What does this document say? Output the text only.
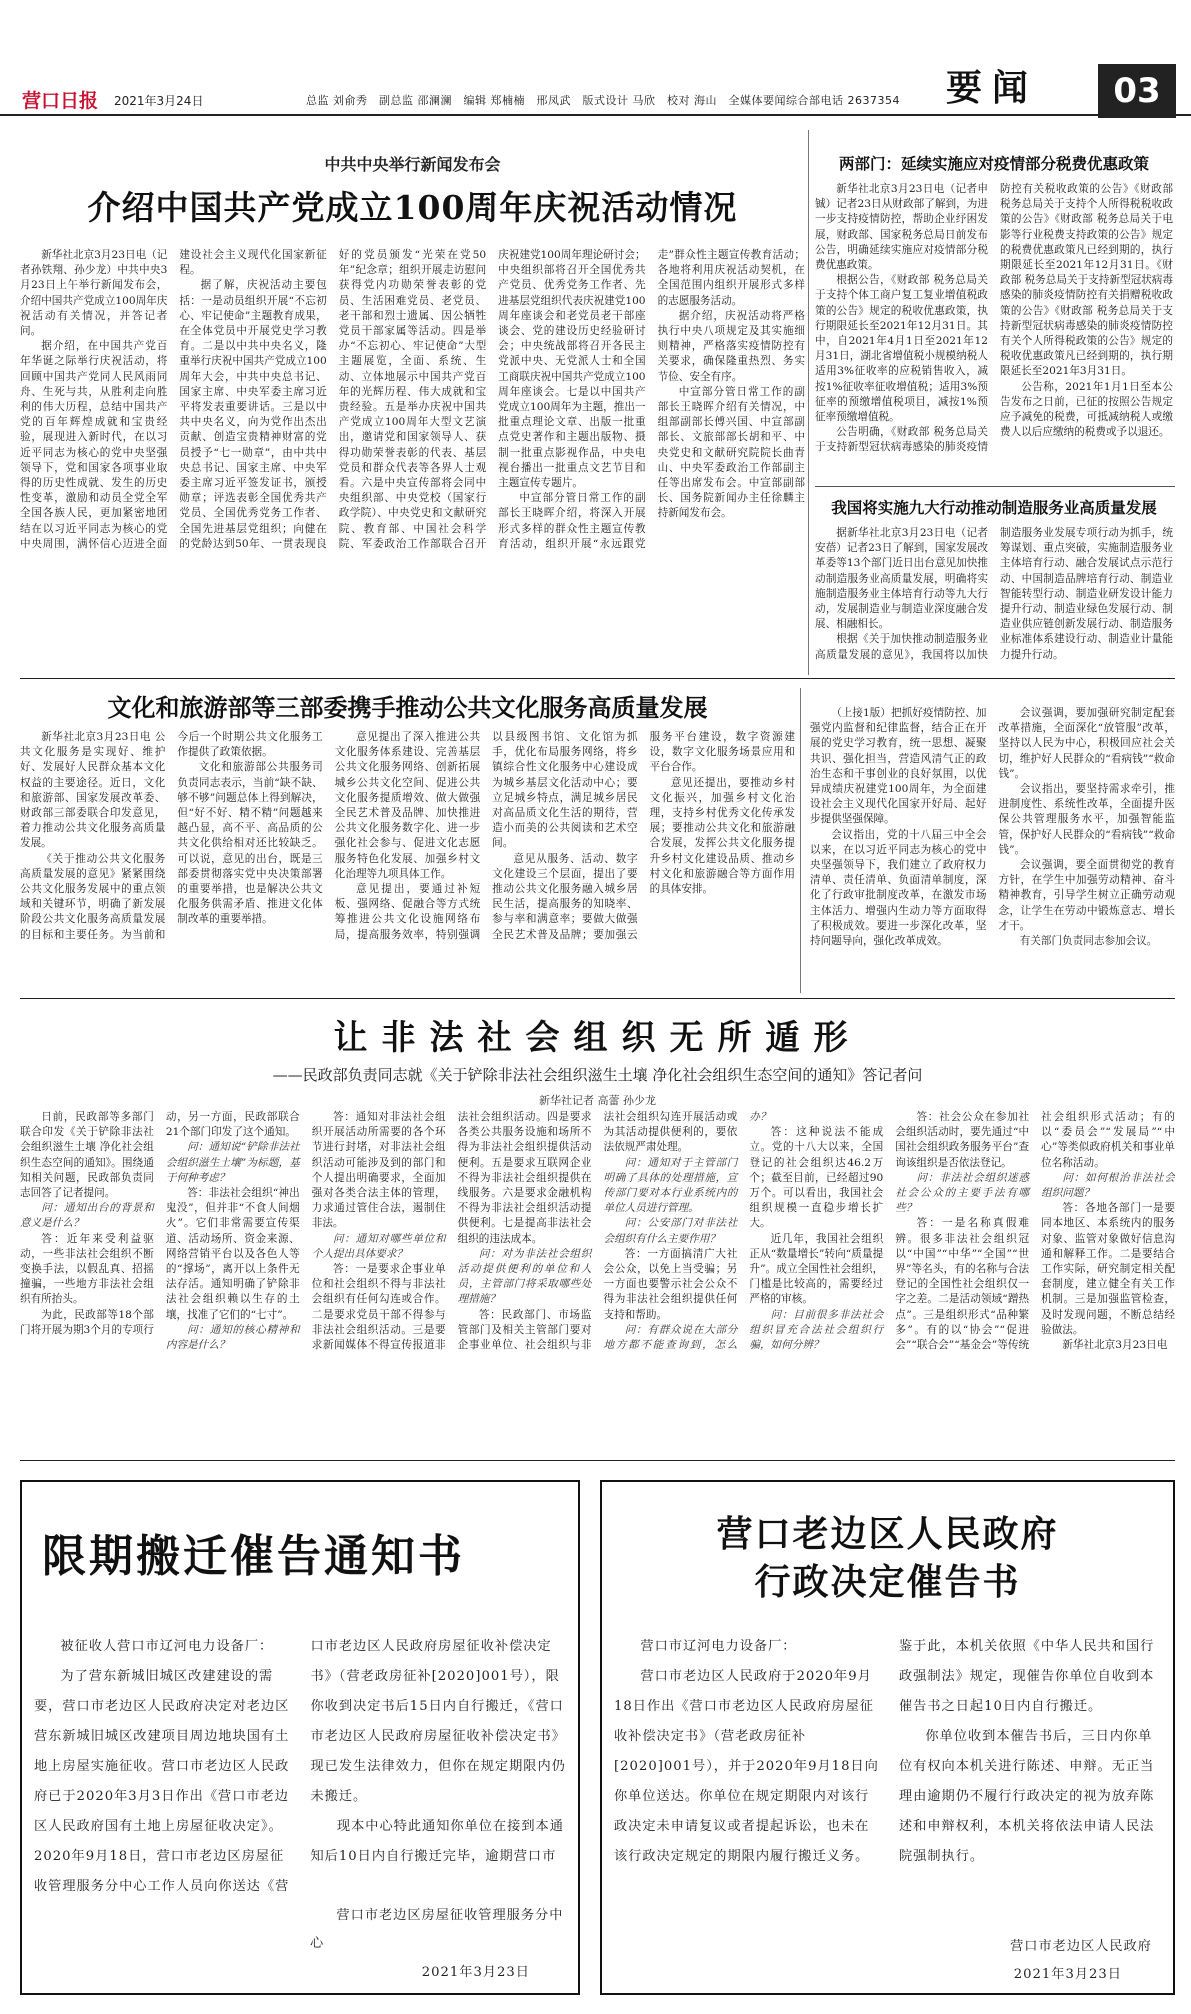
营口日报 2021年3月24日	总监 刘俞秀　副总监 邵澜澜　编辑 郑楠楠　邢凤武　版式设计 马欣　校对 海山　全媒体要闻综合部电话 2637354 要闻	03
中共中央举行新闻发布会
介绍中国共产党成立100周年庆祝活动情况

新华社北京3月23日电（记者孙铁翔、孙少龙）中共中央3月23日上午举行新闻发布会，介绍中国共产党成立100周年庆祝活动有关情况，并答记者问。

据介绍，在中国共产党百年华诞之际举行庆祝活动，将回顾中国共产党同人民风雨同舟、生死与共，从胜利走向胜利的伟大历程，总结中国共产党的百年辉煌成就和宝贵经验，展现进入新时代，在以习近平同志为核心的党中央坚强领导下，党和国家各项事业取得的历史性成就、发生的历史性变革，激励和动员全党全军全国各族人民，更加紧密地团结在以习近平同志为核心的党中央周围，满怀信心迈进全面建设社会主义现代化国家新征程。

据了解，庆祝活动主要包括：一是动员组织开展“不忘初心、牢记使命”主题教育成果，在全体党员中开展党史学习教育。二是以中共中央名义，隆重举行庆祝中国共产党成立100周年大会，中共中央总书记、国家主席、中央军委主席习近平将发表重要讲话。三是以中共中央名义，向为党作出杰出贡献、创造宝贵精神财富的党员授予“七一勋章”，由中共中央总书记、国家主席、中央军委主席习近平签发证书，颁授勋章；评选表彰全国优秀共产党员、全国优秀党务工作者、全国先进基层党组织；向健在的党龄达到50年、一贯表现良好的党员颁发“光荣在党50年”纪念章；组织开展走访慰问获得党内功勋荣誉表彰的党员、生活困难党员、老党员、老干部和烈士遗属、因公牺牲党员干部家属等活动。四是举办“不忘初心、牢记使命”大型主题展览，全面、系统、生动、立体地展示中国共产党百年的光辉历程、伟大成就和宝贵经验。五是举办庆祝中国共产党成立100周年大型文艺演出，邀请党和国家领导人、获得功勋荣誉表彰的代表、基层党员和群众代表等各界人士观看。六是中央宣传部将会同中央组织部、中央党校（国家行政学院）、中央党史和文献研究院、教育部、中国社会科学院、军委政治工作部联合召开庆祝建党100周年理论研讨会；中央组织部将召开全国优秀共产党员、优秀党务工作者、先进基层党组织代表庆祝建党100周年座谈会和老党员老干部座谈会、党的建设历史经验研讨会；中央统战部将召开各民主党派中央、无党派人士和全国工商联庆祝中国共产党成立100周年座谈会。七是以中国共产党成立100周年为主题，推出一批重点理论文章、出版一批重点党史著作和主题出版物、摄制一批重点影视作品，中央电视台播出一批重点文艺节目和主题宣传专题片。

中宣部分管日常工作的副部长王晓晖介绍，将深入开展形式多样的群众性主题宣传教育活动，组织开展“永远跟党走”群众性主题宣传教育活动；各地将利用庆祝活动契机，在全国范围内组织开展形式多样的志愿服务活动。

据介绍，庆祝活动将严格执行中央八项规定及其实施细则精神，严格落实疫情防控有关要求，确保隆重热烈、务实节俭、安全有序。

中宣部分管日常工作的副部长王晓晖介绍有关情况，中组部副部长傅兴国、中宣部副部长、文旅部部长胡和平、中央党史和文献研究院院长曲青山、中央军委政治工作部副主任等出席发布会。中宣部副部长、国务院新闻办主任徐麟主持新闻发布会。

两部门：延续实施应对疫情部分税费优惠政策

新华社北京3月23日电（记者申铖）记者23日从财政部了解到，为进一步支持疫情防控，帮助企业纾困发展，财政部、国家税务总局日前发布公告，明确延续实施应对疫情部分税费优惠政策。

根据公告，《财政部 税务总局关于支持个体工商户复工复业增值税政策的公告》规定的税收优惠政策，执行期限延长至2021年12月31日。其中，自2021年4月1日至2021年12月31日，湖北省增值税小规模纳税人适用3%征收率的应税销售收入，减按1%征收率征收增值税；适用3%预征率的预缴增值税项目，减按1%预征率预缴增值税。

公告明确，《财政部 税务总局关于支持新型冠状病毒感染的肺炎疫情防控有关税收政策的公告》《财政部 税务总局关于支持个人所得税税收政策的公告》《财政部 税务总局关于电影等行业税费支持政策的公告》规定的税费优惠政策凡已经到期的，执行期限延长至2021年12月31日。《财政部 税务总局关于支持新型冠状病毒感染的肺炎疫情防控有关捐赠税收政策的公告》《财政部 税务总局关于支持新型冠状病毒感染的肺炎疫情防控有关个人所得税政策的公告》规定的税收优惠政策凡已经到期的，执行期限延长至2021年3月31日。

公告称，2021年1月1日至本公告发布之日前，已征的按照公告规定应予减免的税费，可抵减纳税人或缴费人以后应缴纳的税费或予以退还。

我国将实施九大行动推动制造服务业高质量发展

据新华社北京3月23日电（记者安蓓）记者23日了解到，国家发展改革委等13个部门近日出台意见加快推动制造服务业高质量发展，明确将实施制造服务业主体培育行动等九大行动，发展制造业与制造业深度融合发展、相融相长。

根据《关于加快推动制造服务业高质量发展的意见》，我国将以加快制造服务业发展专项行动为抓手，统筹谋划、重点突破，实施制造服务业主体培育行动、融合发展试点示范行动、中国制造品牌培育行动、制造业智能转型行动、制造业研发设计能力提升行动、制造业绿色发展行动、制造业供应链创新发展行动、制造服务业标准体系建设行动、制造业计量能力提升行动。

文化和旅游部等三部委携手推动公共文化服务高质量发展

新华社北京3月23日电 公共文化服务是实现好、维护好、发展好人民群众基本文化权益的主要途径。近日，文化和旅游部、国家发展改革委、财政部三部委联合印发意见，着力推动公共文化服务高质量发展。

《关于推动公共文化服务高质量发展的意见》紧紧围绕公共文化服务发展中的重点领域和关键环节，明确了新发展阶段公共文化服务高质量发展的目标和主要任务。为当前和今后一个时期公共文化服务工作提供了政策依据。

文化和旅游部公共服务司负责同志表示，当前“缺不缺、够不够”问题总体上得到解决，但“好不好、精不精”问题越来越凸显，高不平、高品质的公共文化供给相对还比较缺乏。可以说，意见的出台，既是三部委贯彻落实党中央决策部署的重要举措，也是解决公共文化服务供需矛盾、推进文化体制改革的重要举措。

意见提出了深入推进公共文化服务体系建设、完善基层公共文化服务网络、创新拓展城乡公共文化空间、促进公共文化服务提质增效、做大做强全民艺术普及品牌、加快推进公共文化服务数字化、进一步强化社会参与、促进文化志愿服务特色化发展、加强乡村文化治理等九项具体工作。

意见提出，要通过补短板、强网络、促融合等方式统筹推进公共文化设施网络布局，提高服务效率，特别强调以县级图书馆、文化馆为抓手，优化布局服务网络，将乡镇综合性文化服务中心建设成为城乡基层文化活动中心；要立足城乡特点，满足城乡居民对高品质文化生活的期待，营造小而美的公共阅读和艺术空间。

意见从服务、活动、数字文化建设三个层面，提出了要推动公共文化服务融入城乡居民生活，提高服务的知晓率、参与率和满意率；要做大做强全民艺术普及品牌；要加强云服务平台建设，数字资源建设，数字文化服务场景应用和平台合作。

意见还提出，要推动乡村文化振兴，加强乡村文化治理，支持乡村优秀文化传承发展；要推动公共文化和旅游融合发展，发挥公共文化服务提升乡村文化建设品质、推动乡村文化和旅游融合等方面作用的具体安排。

（上接1版）把抓好疫情防控、加强党内监督和纪律监督，结合正在开展的党史学习教育，统一思想、凝聚共识、强化担当，营造风清气正的政治生态和干事创业的良好氛围，以优异成绩庆祝建党100周年，为全面建设社会主义现代化国家开好局、起好步提供坚强保障。

会议指出，党的十八届三中全会以来，在以习近平同志为核心的党中央坚强领导下，我们建立了政府权力清单、责任清单、负面清单制度，深化了行政审批制度改革，在激发市场主体活力、增强内生动力等方面取得了积极成效。要进一步深化改革，坚持问题导向，强化改革成效。

会议强调，要加强研究制定配套改革措施，全面深化“放管服”改革，坚持以人民为中心，积极回应社会关切，维护好人民群众的“看病钱”“救命钱”。

会议指出，要坚持需求牵引，推进制度性、系统性改革，全面提升医保公共管理服务水平，加强智能监管，保护好人民群众的“看病钱”“救命钱”。

会议强调，要全面贯彻党的教育方针，在学生中加强劳动精神、奋斗精神教育，引导学生树立正确劳动观念，让学生在劳动中锻炼意志、增长才干。

有关部门负责同志参加会议。

让非法社会组织无所遁形
——民政部负责同志就《关于铲除非法社会组织滋生土壤 净化社会组织生态空间的通知》答记者问
新华社记者 高蕾 孙少龙

日前，民政部等多部门联合印发《关于铲除非法社会组织滋生土壤 净化社会组织生态空间的通知》。围绕通知相关问题，民政部负责同志回答了记者提问。

问：通知出台的背景和意义是什么？

答：近年来受利益驱动，一些非法社会组织不断变换手法，以假乱真、招摇撞骗，一些地方非法社会组织有所抬头。

为此，民政部等18个部门将开展为期3个月的专项行动，另一方面，民政部联合21个部门印发了这个通知。

问：通知说“铲除非法社会组织滋生土壤”为标题，基于何种考虑？

答：非法社会组织“神出鬼没”，但并非“不食人间烟火”。它们非常需要宣传渠道、活动场所、资金来源、网络营销平台以及各色人等的“撑场”，离开以上条件无法存活。通知明确了铲除非法社会组织赖以生存的土壤，找准了它们的“七寸”。

问：通知的核心精神和内容是什么？

答：通知对非法社会组织开展活动所需要的各个环节进行封堵，对非法社会组织活动可能涉及到的部门和个人提出明确要求，全面加强对各类合法主体的管理，力求通过管住合法，遏制住非法。

问：通知对哪些单位和个人提出具体要求？

答：一是要求企事业单位和社会组织不得与非法社会组织有任何勾连或合作。二是要求党员干部不得参与非法社会组织活动。三是要求新闻媒体不得宣传报道非法社会组织活动。四是要求各类公共服务设施和场所不得为非法社会组织提供活动便利。五是要求互联网企业不得为非法社会组织提供在线服务。六是要求金融机构不得为非法社会组织活动提供便利。七是提高非法社会组织的违法成本。

问：对为非法社会组织活动提供便利的单位和人员，主管部门将采取哪些处理措施？

答：民政部门、市场监管部门及相关主管部门要对企事业单位、社会组织与非法社会组织勾连开展活动或为其活动提供便利的，要依法依规严肃处理。

问：通知对于主管部门明确了具体的处理措施，宣传部门要对本行业系统内的单位人员进行管理。

问：公安部门对非法社会组织有什么主要作用？

答：一方面搞清广大社会公众，以免上当受骗；另一方面也要警示社会公众不得为非法社会组织提供任何支持和帮助。

问：有群众说在大部分地方都不能查询到，怎么办？

答：这种说法不能成立。党的十八大以来，全国登记的社会组织达46.2万个；截至目前，已经超过90万个。可以看出，我国社会组织规模一直稳步增长扩大。

近几年，我国社会组织正从“数量增长”转向“质量提升”。成立全国性社会组织，门槛是比较高的，需要经过严格的审核。

问：目前很多非法社会组织冒充合法社会组织行骗，如何分辨？

答：社会公众在参加社会组织活动时，要先通过“中国社会组织政务服务平台”查询该组织是否依法登记。

问：非法社会组织迷惑社会公众的主要手法有哪些？

答：一是名称真假难辨。很多非法社会组织冠以“中国”“中华”“全国”“世界”等名头，有的名称与合法登记的全国性社会组织仅一字之差。二是活动领域“蹭热点”。三是组织形式“品种繁多”。有的以“协会”“促进会”“联合会”“基金会”等传统社会组织形式活动；有的以“委员会”“发展局”“中心”等类似政府机关和事业单位名称活动。

问：如何根治非法社会组织问题？

答：各地各部门一是要同本地区、本系统内的服务对象、监管对象做好信息沟通和解释工作。二是要结合工作实际，研究制定相关配套制度，建立健全有关工作机制。三是加强监管检查，及时发现问题，不断总结经验做法。

新华社北京3月23日电

限期搬迁催告通知书

被征收人营口市辽河电力设备厂：

为了营东新城旧城区改建建设的需要，营口市老边区人民政府决定对老边区营东新城旧城区改建项目周边地块国有土地上房屋实施征收。营口市老边区人民政府已于2020年3月3日作出《营口市老边区人民政府国有土地上房屋征收决定》。2020年9月18日，营口市老边区房屋征收管理服务分中心工作人员向你送达《营口市老边区人民政府房屋征收补偿决定书》（营老政房征补[2020]001号），限你收到决定书后15日内自行搬迁，《营口市老边区人民政府房屋征收补偿决定书》现已发生法律效力，但你在规定期限内仍未搬迁。

现本中心特此通知你单位在接到本通知后10日内自行搬迁完毕，逾期营口市

营口市老边区房屋征收管理服务分中心
2021年3月23日
营口老边区人民政府
行政决定催告书

营口市辽河电力设备厂：

营口市老边区人民政府于2020年9月18日作出《营口市老边区人民政府房屋征收补偿决定书》（营老政房征补[2020]001号），并于2020年9月18日向你单位送达。你单位在规定期限内对该行政决定未申请复议或者提起诉讼，也未在该行政决定规定的期限内履行搬迁义务。鉴于此，本机关依照《中华人民共和国行政强制法》规定，现催告你单位自收到本催告书之日起10日内自行搬迁。

你单位收到本催告书后，三日内你单位有权向本机关进行陈述、申辩。无正当理由逾期仍不履行行政决定的视为放弃陈述和申辩权利，本机关将依法申请人民法院强制执行。

营口市老边区人民政府
2021年3月23日
